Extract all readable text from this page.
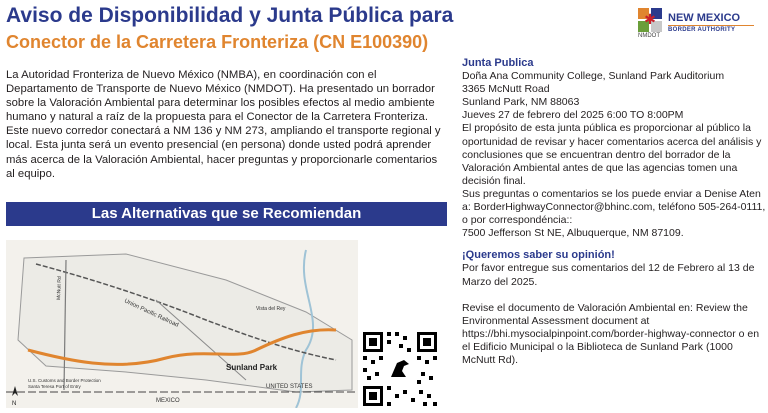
Aviso de Disponibilidad y Junta Pública para
Conector de la Carretera Fronteriza (CN E100390)
✱
NMDOT
NEW MEXICO
BORDER AUTHORITY
La Autoridad Fronteriza de Nuevo México (NMBA), en coordinación con el Departamento de Transporte de Nuevo México (NMDOT). Ha presentado un borrador sobre la Valoración Ambiental para determinar los posibles efectos al medio ambiente humano y natural a raíz de la propuesta para el Conector de la Carretera Fronteriza. Este nuevo corredor conectará a NM 136 y NM 273, ampliando el transporte regional y local. Esta junta será un evento presencial (en persona) donde usted podrá aprender más acerca de la Valoración Ambiental, hacer preguntas y proporcionarle comentarios al equipo.
Las Alternativas que se Recomiendan
Union Pacific Railroad
McNutt Rd
Vista del Rey
Sunland Park
U.S. Customs and Border Protection
Santa Teresa Port of Entry	UNITED STATES
MEXICO
N
Junta Publica
Doña Ana Community College, Sunland Park Auditorium
3365 McNutt Road
Sunland Park, NM 88063
Jueves 27 de febrero del 2025 6:00 TO 8:00PM
El propósito de esta junta pública es proporcionar al público la oportunidad de revisar y hacer comentarios acerca del análisis y conclusiones que se encuentran dentro del borrador de la Valoración Ambiental antes de que las agencias tomen una decisión final.
Sus preguntas o comentarios se los puede enviar a Denise Aten a: BorderHighwayConnector@bhinc.com, teléfono 505-264-0111, o por correspondéncia::
7500 Jefferson St NE, Albuquerque, NM 87109.
¡Queremos saber su opinión!
Por favor entregue sus comentarios del 12 de Febrero al 13 de Marzo del 2025.
Revise el documento de Valoración Ambiental en: Review the Environmental Assessment document at https://bhi.mysocialpinpoint.com/border-highway-connector o en el Edificio Municipal o la Biblioteca de Sunland Park (1000 McNutt Rd).
